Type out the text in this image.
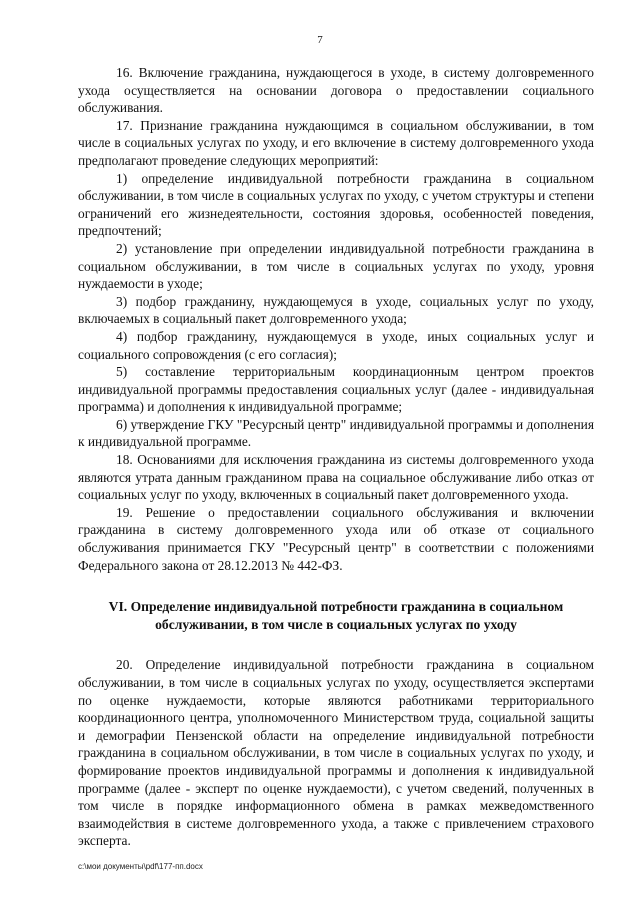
7

16. Включение гражданина, нуждающегося в уходе, в систему долговременного ухода осуществляется на основании договора о предоставлении социального обслуживания.

17. Признание гражданина нуждающимся в социальном обслуживании, в том числе в социальных услугах по уходу, и его включение в систему долговременного ухода предполагают проведение следующих мероприятий:

1) определение индивидуальной потребности гражданина в социальном обслуживании, в том числе в социальных услугах по уходу, с учетом структуры и степени ограничений его жизнедеятельности, состояния здоровья, особенностей поведения, предпочтений;

2) установление при определении индивидуальной потребности гражданина в социальном обслуживании, в том числе в социальных услугах по уходу, уровня нуждаемости в уходе;

3) подбор гражданину, нуждающемуся в уходе, социальных услуг по уходу, включаемых в социальный пакет долговременного ухода;

4) подбор гражданину, нуждающемуся в уходе, иных социальных услуг и социального сопровождения (с его согласия);

5) составление территориальным координационным центром проектов индивидуальной программы предоставления социальных услуг (далее - индивидуальная программа) и дополнения к индивидуальной программе;

6) утверждение ГКУ "Ресурсный центр" индивидуальной программы и дополнения к индивидуальной программе.

18. Основаниями для исключения гражданина из системы долговременного ухода являются утрата данным гражданином права на социальное обслуживание либо отказ от социальных услуг по уходу, включенных в социальный пакет долговременного ухода.

19. Решение о предоставлении социального обслуживания и включении гражданина в систему долговременного ухода или об отказе от социального обслуживания принимается ГКУ "Ресурсный центр" в соответствии с положениями Федерального закона от 28.12.2013 № 442-ФЗ.

VI. Определение индивидуальной потребности гражданина в социальном обслуживании, в том числе в социальных услугах по уходу

20. Определение индивидуальной потребности гражданина в социальном обслуживании, в том числе в социальных услугах по уходу, осуществляется экспертами по оценке нуждаемости, которые являются работниками территориального координационного центра, уполномоченного Министерством труда, социальной защиты и демографии Пензенской области на определение индивидуальной потребности гражданина в социальном обслуживании, в том числе в социальных услугах по уходу, и формирование проектов индивидуальной программы и дополнения к индивидуальной программе (далее - эксперт по оценке нуждаемости), с учетом сведений, полученных в том числе в порядке информационного обмена в рамках межведомственного взаимодействия в системе долговременного ухода, а также с привлечением страхового эксперта.

c:\мои документы\pdf\177-пп.docx
